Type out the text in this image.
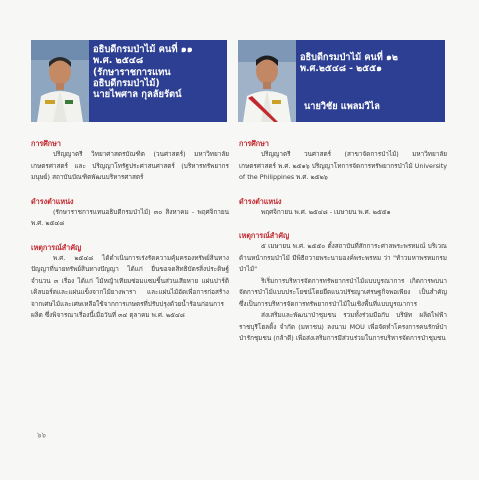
อธิบดีกรมป่าไม้ คนที่ ๑๑
พ.ศ. ๒๕๔๘
(รักษาราชการแทน
อธิบดีกรมป่าไม้)
นายไพศาล กุลลัยรัตน์
อธิบดีกรมป่าไม้ คนที่ ๑๒
พ.ศ.๒๕๔๘ - ๒๕๕๑
นายวิชัย แพลมวิไล

การศึกษา

ปริญญาตรี วิทยาศาสตรบัณฑิต (วนศาสตร์) มหาวิทยาลัยเกษตรศาสตร์ และ ปริญญาโทรัฐประศาสนศาสตร์ (บริหารทรัพยากรมนุษย์) สถาบันบัณฑิตพัฒนบริหารศาสตร์

ดำรงตำแหน่ง

(รักษาราชการแทนอธิบดีกรมป่าไม้) ๓๐ สิงหาคม - พฤศจิกายน พ.ศ. ๒๕๔๘

เหตุการณ์สำคัญ

พ.ศ. ๒๕๔๘ ได้ดำเนินการเร่งรัดความคุ้มครองทรัพย์สินทางปัญญาที่นายทรัพย์สินทางปัญญา ได้แก่ ยื่นขอจดสิทธิบัตรสิ่งประดิษฐ์ จำนวน ๓ เรื่อง ได้แก่ ไม้หญ้าเทียมซ่อมแซมชิ้นส่วนเสียหาย แผ่นปาร์ติเคิลบอร์ดและแผ่นแข็งจากไม้ยางพารา และแผ่นไม้อัดเพื่อการก่อสร้างจากเศษไม้และเศษเหลือใช้จากการเกษตรที่ปรับปรุงด้วยน้ำร้อนก่อนการผลิต ซึ่งพิจารณาเรื่องนี้เมื่อวันที่ ๓๔ ตุลาคม พ.ศ. ๒๕๔๘

การศึกษา

ปริญญาตรี วนศาสตร์ (สาขาจัดการป่าไม้) มหาวิทยาลัยเกษตรศาสตร์ พ.ศ. ๒๕๑๖ ปริญญาโทการจัดการทรัพยากรป่าไม้ University of the Philippines พ.ศ. ๒๕๒๖

ดำรงตำแหน่ง

พฤศจิกายน พ.ศ. ๒๕๔๘ - เมษายน พ.ศ. ๒๕๕๑

เหตุการณ์สำคัญ

๕ เมษายน พ.ศ. ๒๕๕๐ ตั้งสถาบันที่สักการะศาลพระพรหมณ์ บริเวณ ด้านหน้ากรมป่าไม้ มีพิธีถวายพระนามองค์พระพรหม ว่า "ท้าวมหาพรหมกรมป่าไม้"

ริเริ่มการบริหารจัดการทรัพยากรป่าไม้แบบบูรณาการ เกิดการพบนาจัดการป่าไม้แบบประโยชน์โดยยึดแนวปรัชญาเศรษฐกิจพอเพียง เป็นสำคัญ ซึ่งเป็นการบริหารจัดการทรัพยากรป่าไม้ในเชิงพื้นที่แบบบูรณาการ

ส่งเสริมและพัฒนาป่าชุมชน รวมทั้งร่วมมือกับ บริษัท ผลิตไฟฟ้าราชบุรีโฮลดิ้ง จำกัด (มหาชน) ลงนาม MOU เพื่อจัดทำโครงการคนรักษ์ป่า ป่ารักชุมชน (กล้าดี) เพื่อส่งเสริมการมีส่วนร่วมในการบริหารจัดการป่าชุมชน

๖๖
